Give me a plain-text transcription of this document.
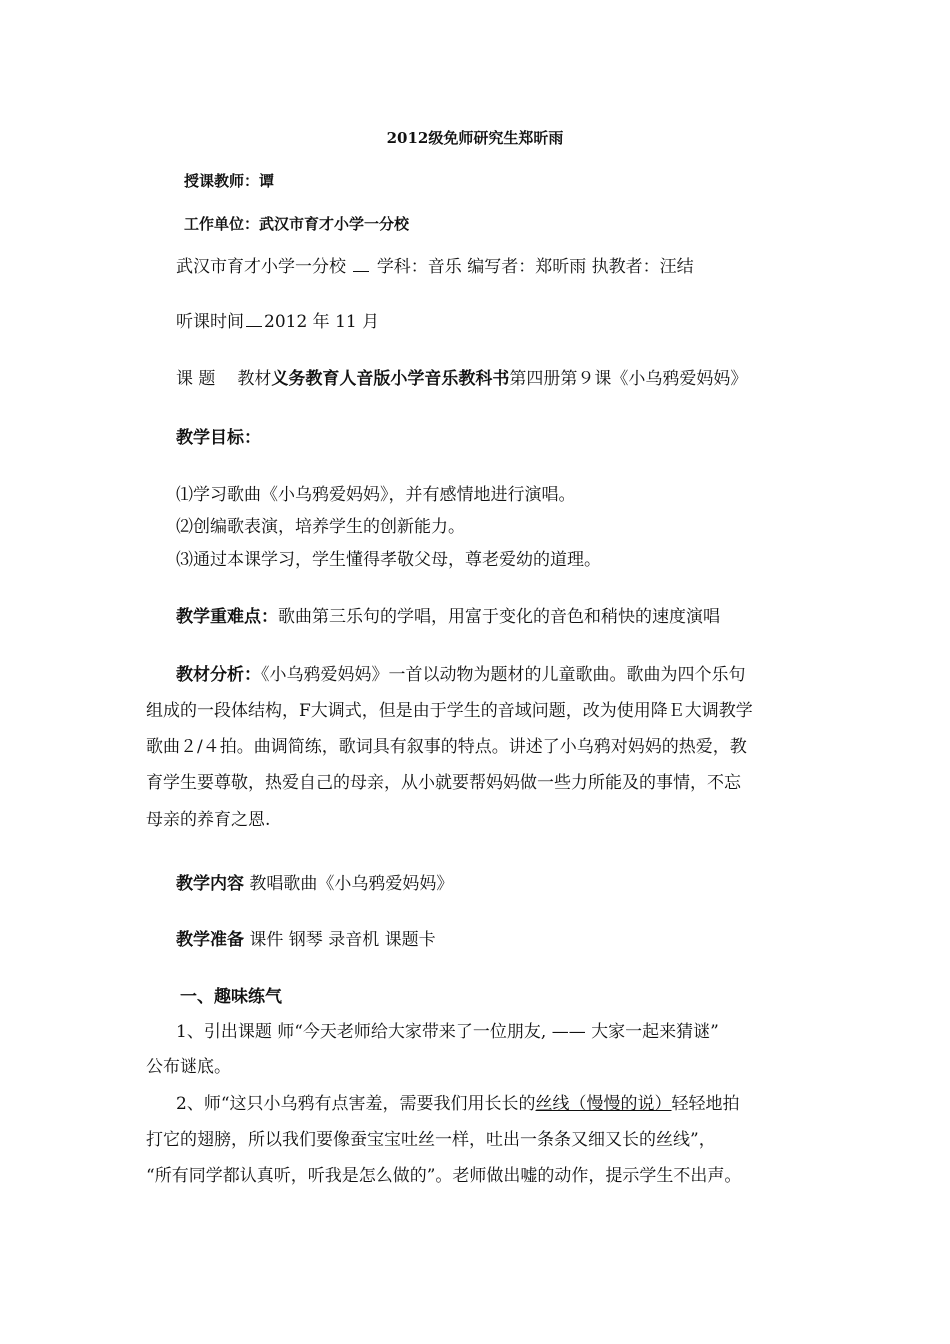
2012级免师研究生郑昕雨
授课教师：谭
工作单位：武汉市育才小学一分校
武汉市育才小学一分校 学科：音乐 编写者：郑昕雨 执教者：汪结
听课时间 2012 年 11 月
课 题 教材义务教育人音版小学音乐教科书第四册第９课《小乌鸦爱妈妈》
教学目标：
⑴学习歌曲《小乌鸦爱妈妈》，并有感情地进行演唱。
⑵创编歌表演，培养学生的创新能力。
⑶通过本课学习，学生懂得孝敬父母，尊老爱幼的道理。
教学重难点：歌曲第三乐句的学唱，用富于变化的音色和稍快的速度演唱
教材分析：《小乌鸦爱妈妈》一首以动物为题材的儿童歌曲。歌曲为四个乐句
组成的一段体结构，F大调式，但是由于学生的音域问题，改为使用降Ｅ大调教学
歌曲２/４拍。曲调简练，歌词具有叙事的特点。讲述了小乌鸦对妈妈的热爱，教
育学生要尊敬，热爱自己的母亲，从小就要帮妈妈做一些力所能及的事情，不忘
母亲的养育之恩.
教学内容 教唱歌曲《小乌鸦爱妈妈》
教学准备 课件 钢琴 录音机 课题卡
一、趣味练气
1、引出课题 师“今天老师给大家带来了一位朋友, —— 大家一起来猜谜”
公布谜底。
2、师“这只小乌鸦有点害羞，需要我们用长长的丝线（慢慢的说）轻轻地拍
打它的翅膀，所以我们要像蚕宝宝吐丝一样，吐出一条条又细又长的丝线”，
“所有同学都认真听，听我是怎么做的”。老师做出嘘的动作，提示学生不出声。
